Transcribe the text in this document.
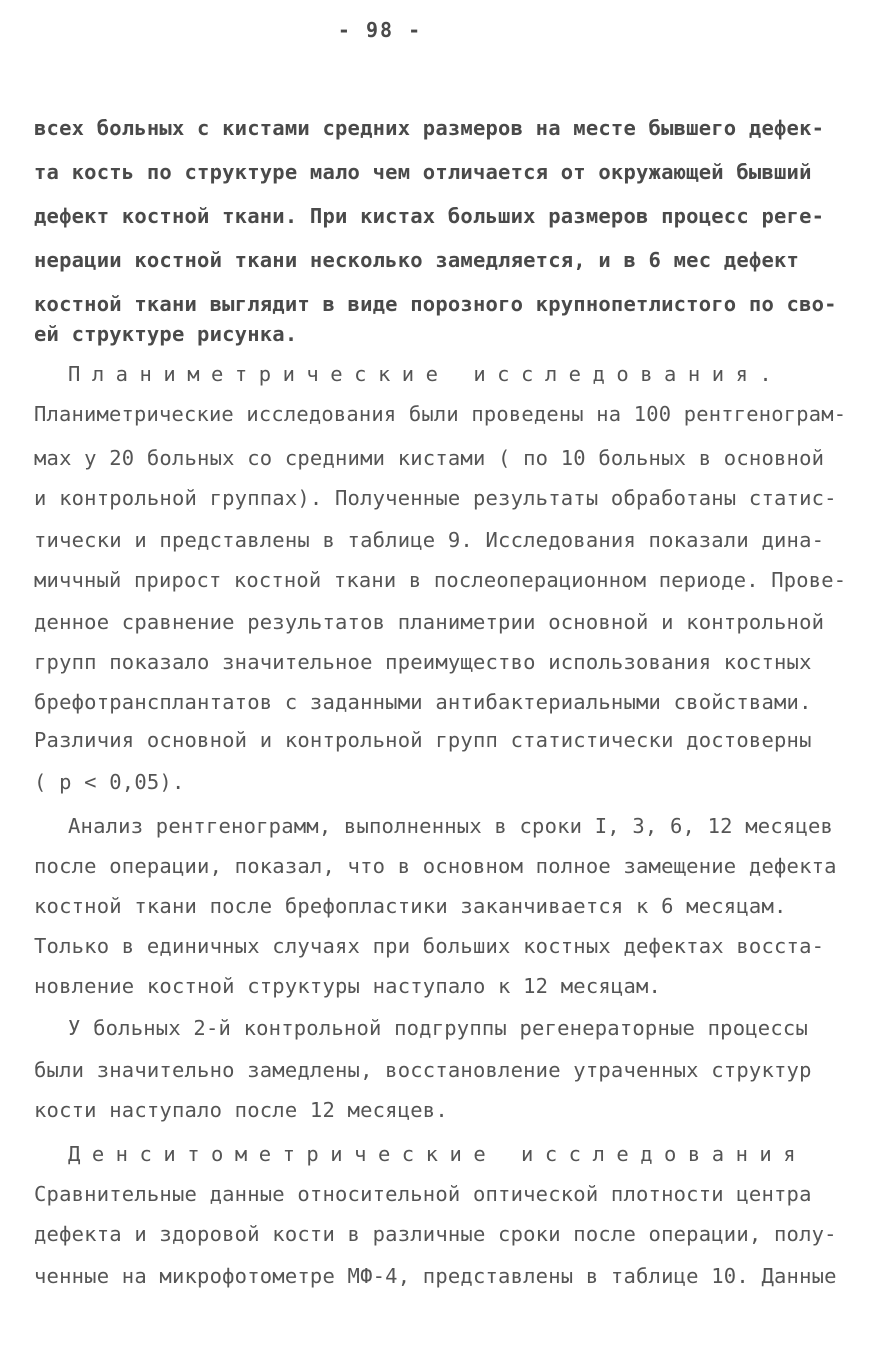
- 98 -
всех больных с кистами средних размеров на месте бывшего дефек-
та кость по структуре мало чем отличается от окружающей бывший
дефект костной ткани. При кистах больших размеров процесс реге-
нерации костной ткани несколько замедляется, и в 6 мес дефект
костной ткани выглядит в виде порозного крупнопетлистого по сво-
ей структуре рисунка.
Планиметрические исследования.
Планиметрические исследования были проведены на 100 рентгенограм-
мах у 20 больных со средними кистами ( по 10 больных в основной
и контрольной группах). Полученные результаты обработаны статис-
тически и представлены в таблице 9. Исследования показали дина-
миччный прирост костной ткани в послеоперационном периоде. Прове-
денное сравнение результатов планиметрии основной и контрольной
групп показало значительное преимущество использования костных
брефотрансплантатов с заданными антибактериальными свойствами.
Различия основной и контрольной групп статистически достоверны
( p < 0,05).
Анализ рентгенограмм, выполненных в сроки I, 3, 6, 12 месяцев
после операции, показал, что в основном полное замещение дефекта
костной ткани после брефопластики заканчивается к 6 месяцам.
Только в единичных случаях при больших костных дефектах восста-
новление костной структуры наступало к 12 месяцам.
У больных 2-й контрольной подгруппы регенераторные процессы
были значительно замедлены, восстановление утраченных структур
кости наступало после 12 месяцев.
Денситометрические исследования
Сравнительные данные относительной оптической плотности центра
дефекта и здоровой кости в различные сроки после операции, полу-
ченные на микрофотометре МФ-4, представлены в таблице 10. Данные
